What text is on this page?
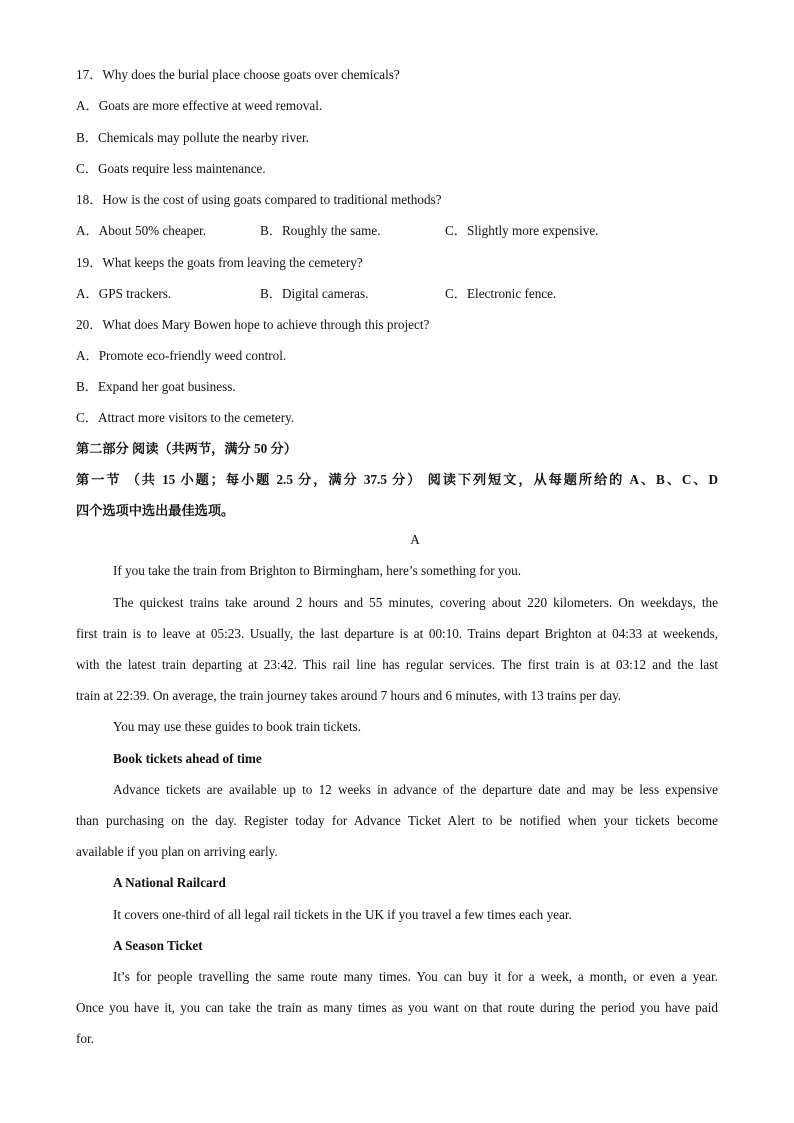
17．Why does the burial place choose goats over chemicals?
A．Goats are more effective at weed removal.
B．Chemicals may pollute the nearby river.
C．Goats require less maintenance.
18．How is the cost of using goats compared to traditional methods?
A．About 50% cheaper.	B．Roughly the same.	C．Slightly more expensive.
19．What keeps the goats from leaving the cemetery?
A．GPS trackers.	B．Digital cameras.	C．Electronic fence.
20．What does Mary Bowen hope to achieve through this project?
A．Promote eco-friendly weed control.
B．Expand her goat business.
C．Attract more visitors to the cemetery.
第二部分 阅读（共两节，满分 50 分）
第一节 （共 15 小题；每小题 2.5 分，满分 37.5 分） 阅读下列短文，从每题所给的 A、B、C、D
四个选项中选出最佳选项。
A
If you take the train from Brighton to Birmingham, here’s something for you.
The quickest trains take around 2 hours and 55 minutes, covering about 220 kilometers. On weekdays, the
first train is to leave at 05:23. Usually, the last departure is at 00:10. Trains depart Brighton at 04:33 at weekends,
with the latest train departing at 23:42. This rail line has regular services. The first train is at 03:12 and the last
train at 22:39. On average, the train journey takes around 7 hours and 6 minutes, with 13 trains per day.
You may use these guides to book train tickets.
Book tickets ahead of time
Advance tickets are available up to 12 weeks in advance of the departure date and may be less expensive
than purchasing on the day. Register today for Advance Ticket Alert to be notified when your tickets become
available if you plan on arriving early.
A National Railcard
It covers one-third of all legal rail tickets in the UK if you travel a few times each year.
A Season Ticket
It’s for people travelling the same route many times. You can buy it for a week, a month, or even a year.
Once you have it, you can take the train as many times as you want on that route during the period you have paid
for.
